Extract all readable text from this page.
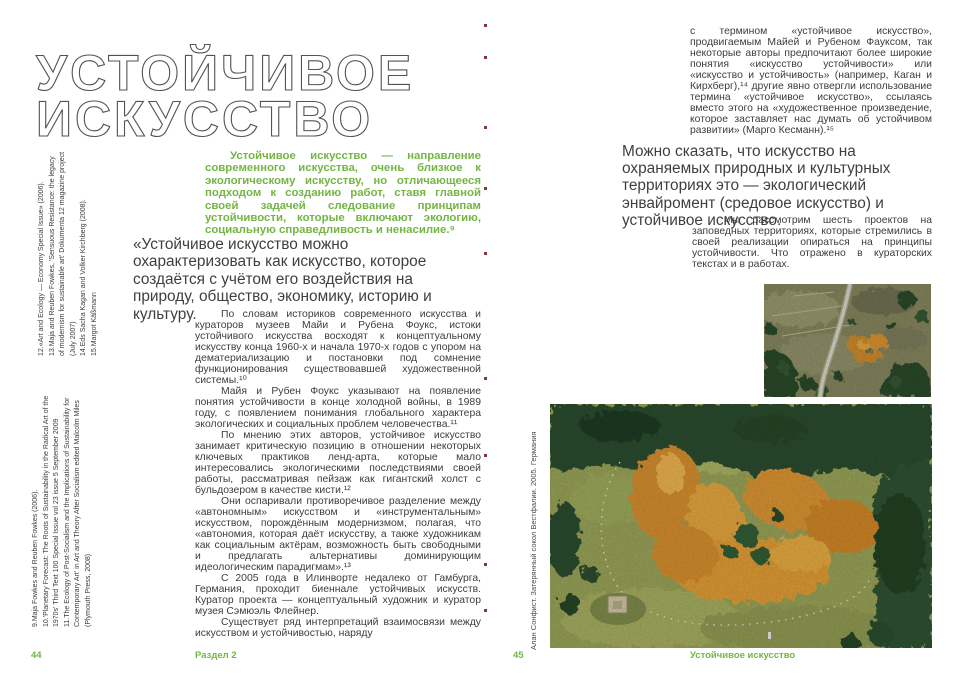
УСТОЙЧИВОЕ
ИСКУССТВО

12.«Art and Ecology — Economy Special Issue» (2006). 13.Maja and Reuben Fowkes, 'Sensuous Resistance: the legacy of modernism for sustainable art' Dokumenta 12 magazine project (July 2007) 14.Eds Sacha Kagan and Volker Kirchberg (2008). 15.Margot Käßmann

9.Maja Fowkes and Reuben Fowkes (2006). 10.'Planetary Forecast: The Roots of Sustainability in the Radical Art of the 1970s' Third Text 100 Special Issue vol 23 issue 5 September 2009 11.The Ecology of Post-Socialism and the Implications of Sustainability for Contemporary Art' in Art and Theory After Socialism edited Malcolm Miles (Plymouth Press, 2008)

Устойчивое искусство — направление современного искусства, очень близкое к экологическому искусству, но отличающееся подходом к созданию работ, ставя главной своей задачей следование принципам устойчивости, которые включают экологию, социальную справедливость и ненасилие.⁹
«Устойчивое искусство можно охарактеризовать как искусство, которое создаётся с учётом его воздействия на природу, общество, экономику, историю и культуру.	По словам историков современного искусства и кураторов музеев Майи и Рубена Фоукс, истоки устойчивого искусства восходят к концептуальному искусству конца 1960-х и начала 1970-х годов с упором на дематериализацию и постановки под сомнение функционирования существовавшей художественной системы.¹⁰

Майя и Рубен Фоукс указывают на появление понятия устойчивости в конце холодной войны, в 1989 году, с появлением понимания глобального характера экологических и социальных проблем человечества.¹¹

По мнению этих авторов, устойчивое искусство занимает критическую позицию в отношении некоторых ключевых практиков ленд-арта, которые мало интересовались экологическими последствиями своей работы, рассматривая пейзаж как гигантский холст с бульдозером в качестве кисти.¹²

Они оспаривали противоречивое разделение между «автономным» искусством и «инструментальным» искусством, порождённым модернизмом, полагая, что «автономия, которая даёт искусству, а также художникам как социальным актёрам, возможность быть свободными и предлагать альтернативы доминирующим идеологическим парадигмам».¹³

С 2005 года в Илинворте недалеко от Гамбурга, Германия, проходит биеннале устойчивых искусств. Куратор проекта — концептуальный художник и куратор музея Сэмюэль Флейнер.

Существует ряд интерпретаций взаимосвязи между искусством и устойчивостью, наряду

44	Раздел 2
с термином «устойчивое искусство», продвигаемым Майей и Рубеном Фауксом, так некоторые авторы предпочитают более широкие понятия «искусство устойчивости» или «искусство и устойчивость» (например, Каган и Кирхберг),¹⁴ другие явно отвергли использование термина «устойчивое искусство», ссылаясь вместо этого на «художественное произведение, которое заставляет нас думать об устойчивом развитии» (Марго Кесманн).¹⁵
Можно сказать, что искусство на охраняемых природных и культурных территориях это — экологический энвайромент (средовое искусство) и устойчивое искусство.
Мы рассмотрим шесть проектов на заповедных территориях, которые стремились в своей реализации опираться на принципы устойчивости. Что отражено в кураторских текстах и в работах.
Алан Сонфист. Затерянный сокол Вестфалии. 2005. Германия
45	Устойчивое искусство
